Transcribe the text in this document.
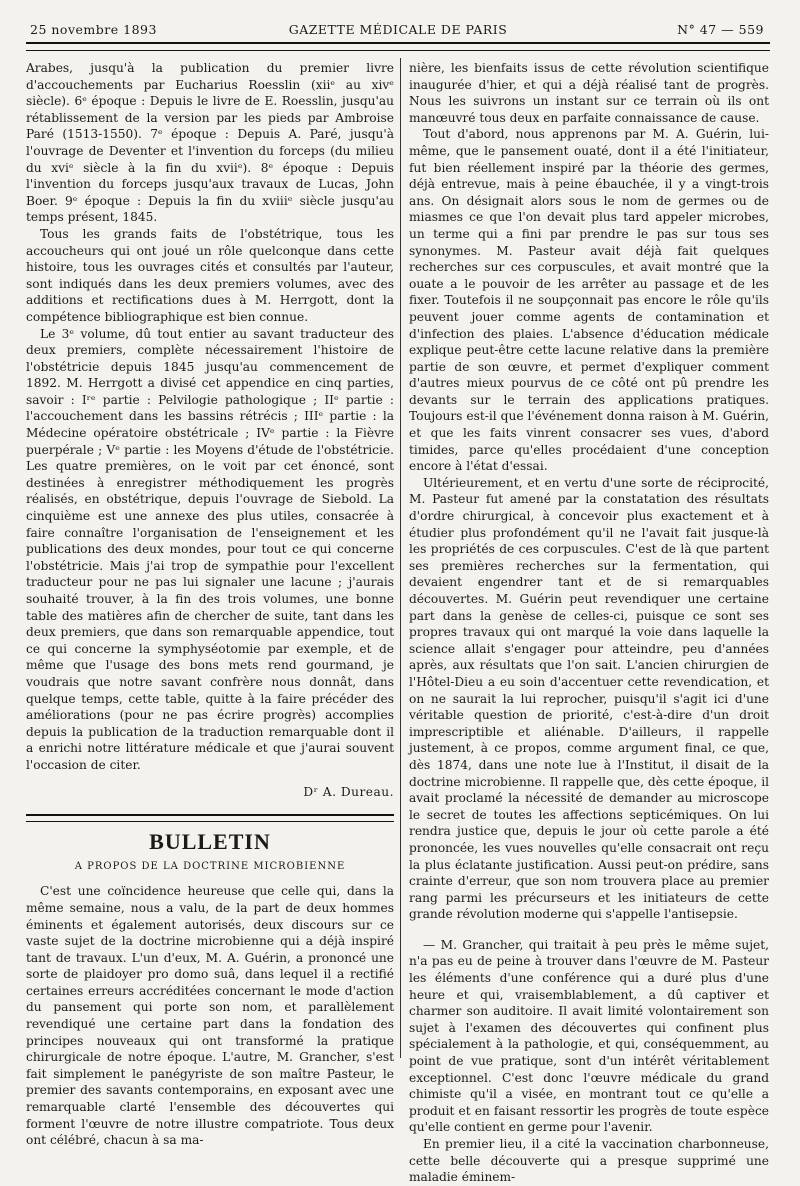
25 novembre 1893	GAZETTE MÉDICALE DE PARIS	N° 47 — 559

Arabes, jusqu'à la publication du premier livre d'accouchements par Eucharius Roesslin (xiiᵉ au xivᵉ siècle). 6ᵉ époque : Depuis le livre de E. Roesslin, jusqu'au rétablissement de la version par les pieds par Ambroise Paré (1513-1550). 7ᵉ époque : Depuis A. Paré, jusqu'à l'ouvrage de Deventer et l'invention du forceps (du milieu du xviᵉ siècle à la fin du xviiᵉ). 8ᵉ époque : Depuis l'invention du forceps jusqu'aux travaux de Lucas, John Boer. 9ᵉ époque : Depuis la fin du xviiiᵉ siècle jusqu'au temps présent, 1845.

Tous les grands faits de l'obstétrique, tous les accoucheurs qui ont joué un rôle quelconque dans cette histoire, tous les ouvrages cités et consultés par l'auteur, sont indiqués dans les deux premiers volumes, avec des additions et rectifications dues à M. Herrgott, dont la compétence bibliographique est bien connue.

Le 3ᵉ volume, dû tout entier au savant traducteur des deux premiers, complète nécessairement l'histoire de l'obstétricie depuis 1845 jusqu'au commencement de 1892. M. Herrgott a divisé cet appendice en cinq parties, savoir : Iʳᵉ partie : Pelvilogie pathologique ; IIᵉ partie : l'accouchement dans les bassins rétrécis ; IIIᵉ partie : la Médecine opératoire obstétricale ; IVᵉ partie : la Fièvre puerpérale ; Vᵉ partie : les Moyens d'étude de l'obstétricie. Les quatre premières, on le voit par cet énoncé, sont destinées à enregistrer méthodiquement les progrès réalisés, en obstétrique, depuis l'ouvrage de Siebold. La cinquième est une annexe des plus utiles, consacrée à faire connaître l'organisation de l'enseignement et les publications des deux mondes, pour tout ce qui concerne l'obstétricie. Mais j'ai trop de sympathie pour l'excellent traducteur pour ne pas lui signaler une lacune ; j'aurais souhaité trouver, à la fin des trois volumes, une bonne table des matières afin de chercher de suite, tant dans les deux premiers, que dans son remarquable appendice, tout ce qui concerne la symphyséotomie par exemple, et de même que l'usage des bons mets rend gourmand, je voudrais que notre savant confrère nous donnât, dans quelque temps, cette table, quitte à la faire précéder des améliorations (pour ne pas écrire progrès) accomplies depuis la publication de la traduction remarquable dont il a enrichi notre littérature médicale et que j'aurai souvent l'occasion de citer.

Dʳ A. Dureau.

BULLETIN
A PROPOS DE LA DOCTRINE MICROBIENNE

C'est une coïncidence heureuse que celle qui, dans la même semaine, nous a valu, de la part de deux hommes éminents et également autorisés, deux discours sur ce vaste sujet de la doctrine microbienne qui a déjà inspiré tant de travaux. L'un d'eux, M. A. Guérin, a prononcé une sorte de plaidoyer pro domo suâ, dans lequel il a rectifié certaines erreurs accréditées concernant le mode d'action du pansement qui porte son nom, et parallèlement revendiqué une certaine part dans la fondation des principes nouveaux qui ont transformé la pratique chirurgicale de notre époque. L'autre, M. Grancher, s'est fait simplement le panégyriste de son maître Pasteur, le premier des savants contemporains, en exposant avec une remarquable clarté l'ensemble des découvertes qui forment l'œuvre de notre illustre compatriote. Tous deux ont célébré, chacun à sa ma-

nière, les bienfaits issus de cette révolution scientifique inaugurée d'hier, et qui a déjà réalisé tant de progrès. Nous les suivrons un instant sur ce terrain où ils ont manœuvré tous deux en parfaite connaissance de cause.

Tout d'abord, nous apprenons par M. A. Guérin, lui-même, que le pansement ouaté, dont il a été l'initiateur, fut bien réellement inspiré par la théorie des germes, déjà entrevue, mais à peine ébauchée, il y a vingt-trois ans. On désignait alors sous le nom de germes ou de miasmes ce que l'on devait plus tard appeler microbes, un terme qui a fini par prendre le pas sur tous ses synonymes. M. Pasteur avait déjà fait quelques recherches sur ces corpuscules, et avait montré que la ouate a le pouvoir de les arrêter au passage et de les fixer. Toutefois il ne soupçonnait pas encore le rôle qu'ils peuvent jouer comme agents de contamination et d'infection des plaies. L'absence d'éducation médicale explique peut-être cette lacune relative dans la première partie de son œuvre, et permet d'expliquer comment d'autres mieux pourvus de ce côté ont pû prendre les devants sur le terrain des applications pratiques. Toujours est-il que l'événement donna raison à M. Guérin, et que les faits vinrent consacrer ses vues, d'abord timides, parce qu'elles procédaient d'une conception encore à l'état d'essai.

Ultérieurement, et en vertu d'une sorte de réciprocité, M. Pasteur fut amené par la constatation des résultats d'ordre chirurgical, à concevoir plus exactement et à étudier plus profondément qu'il ne l'avait fait jusque-là les propriétés de ces corpuscules. C'est de là que partent ses premières recherches sur la fermentation, qui devaient engendrer tant et de si remarquables découvertes. M. Guérin peut revendiquer une certaine part dans la genèse de celles-ci, puisque ce sont ses propres travaux qui ont marqué la voie dans laquelle la science allait s'engager pour atteindre, peu d'années après, aux résultats que l'on sait. L'ancien chirurgien de l'Hôtel-Dieu a eu soin d'accentuer cette revendication, et on ne saurait la lui reprocher, puisqu'il s'agit ici d'une véritable question de priorité, c'est-à-dire d'un droit imprescriptible et aliénable. D'ailleurs, il rappelle justement, à ce propos, comme argument final, ce que, dès 1874, dans une note lue à l'Institut, il disait de la doctrine microbienne. Il rappelle que, dès cette époque, il avait proclamé la nécessité de demander au microscope le secret de toutes les affections septicémiques. On lui rendra justice que, depuis le jour où cette parole a été prononcée, les vues nouvelles qu'elle consacrait ont reçu la plus éclatante justification. Aussi peut-on prédire, sans crainte d'erreur, que son nom trouvera place au premier rang parmi les précurseurs et les initiateurs de cette grande révolution moderne qui s'appelle l'antisepsie.

— M. Grancher, qui traitait à peu près le même sujet, n'a pas eu de peine à trouver dans l'œuvre de M. Pasteur les éléments d'une conférence qui a duré plus d'une heure et qui, vraisemblablement, a dû captiver et charmer son auditoire. Il avait limité volontairement son sujet à l'examen des découvertes qui confinent plus spécialement à la pathologie, et qui, conséquemment, au point de vue pratique, sont d'un intérêt véritablement exceptionnel. C'est donc l'œuvre médicale du grand chimiste qu'il a visée, en montrant tout ce qu'elle a produit et en faisant ressortir les progrès de toute espèce qu'elle contient en germe pour l'avenir.

En premier lieu, il a cité la vaccination charbonneuse, cette belle découverte qui a presque supprimé une maladie éminem-
